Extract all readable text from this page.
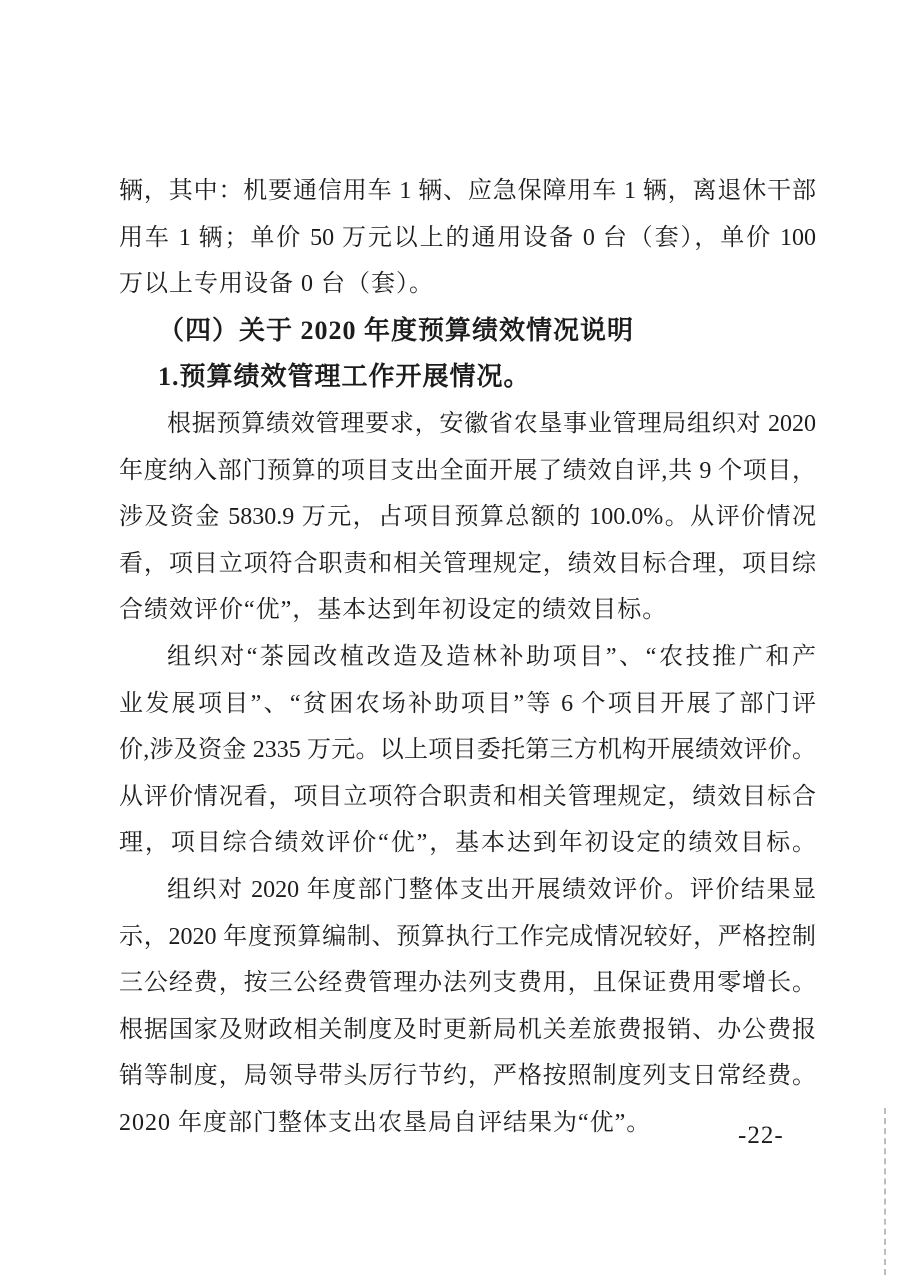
辆，其中：机要通信用车 1 辆、应急保障用车 1 辆，离退休干部
用车 1 辆；单价 50 万元以上的通用设备 0 台（套），单价 100
万以上专用设备 0 台（套）。
（四）关于 2020 年度预算绩效情况说明
1.预算绩效管理工作开展情况。
根据预算绩效管理要求，安徽省农垦事业管理局组织对 2020
年度纳入部门预算的项目支出全面开展了绩效自评,共 9 个项目，
涉及资金 5830.9 万元，占项目预算总额的 100.0%。从评价情况
看，项目立项符合职责和相关管理规定，绩效目标合理，项目综
合绩效评价“优”，基本达到年初设定的绩效目标。
组织对“茶园改植改造及造林补助项目”、“农技推广和产
业发展项目”、“贫困农场补助项目”等 6 个项目开展了部门评
价,涉及资金 2335 万元。以上项目委托第三方机构开展绩效评价。
从评价情况看，项目立项符合职责和相关管理规定，绩效目标合
理，项目综合绩效评价“优”，基本达到年初设定的绩效目标。
组织对 2020 年度部门整体支出开展绩效评价。评价结果显
示，2020 年度预算编制、预算执行工作完成情况较好，严格控制
三公经费，按三公经费管理办法列支费用，且保证费用零增长。
根据国家及财政相关制度及时更新局机关差旅费报销、办公费报
销等制度，局领导带头厉行节约，严格按照制度列支日常经费。
2020 年度部门整体支出农垦局自评结果为“优”。	-22-
